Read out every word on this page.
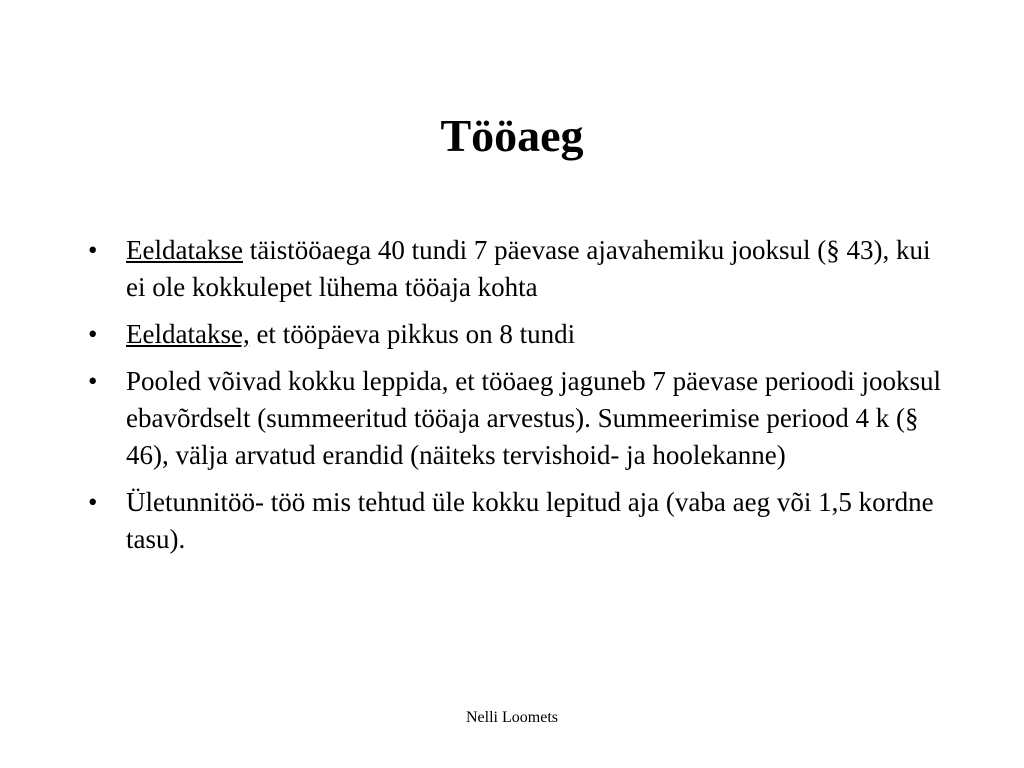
Tööaeg
• Eeldatakse täistööaega 40 tundi 7 päevase ajavahemiku jooksul (§ 43), kui ei ole kokkulepet lühema tööaja kohta
• Eeldatakse, et tööpäeva pikkus on 8 tundi
• Pooled võivad kokku leppida, et tööaeg jaguneb 7 päevase perioodi jooksul ebavõrdselt (summeeritud tööaja arvestus). Summeerimise periood 4 k (§ 46), välja arvatud erandid (näiteks tervishoid- ja hoolekanne)
• Ületunnitöö- töö mis tehtud üle kokku lepitud aja (vaba aeg või 1,5 kordne tasu).
Nelli Loomets
